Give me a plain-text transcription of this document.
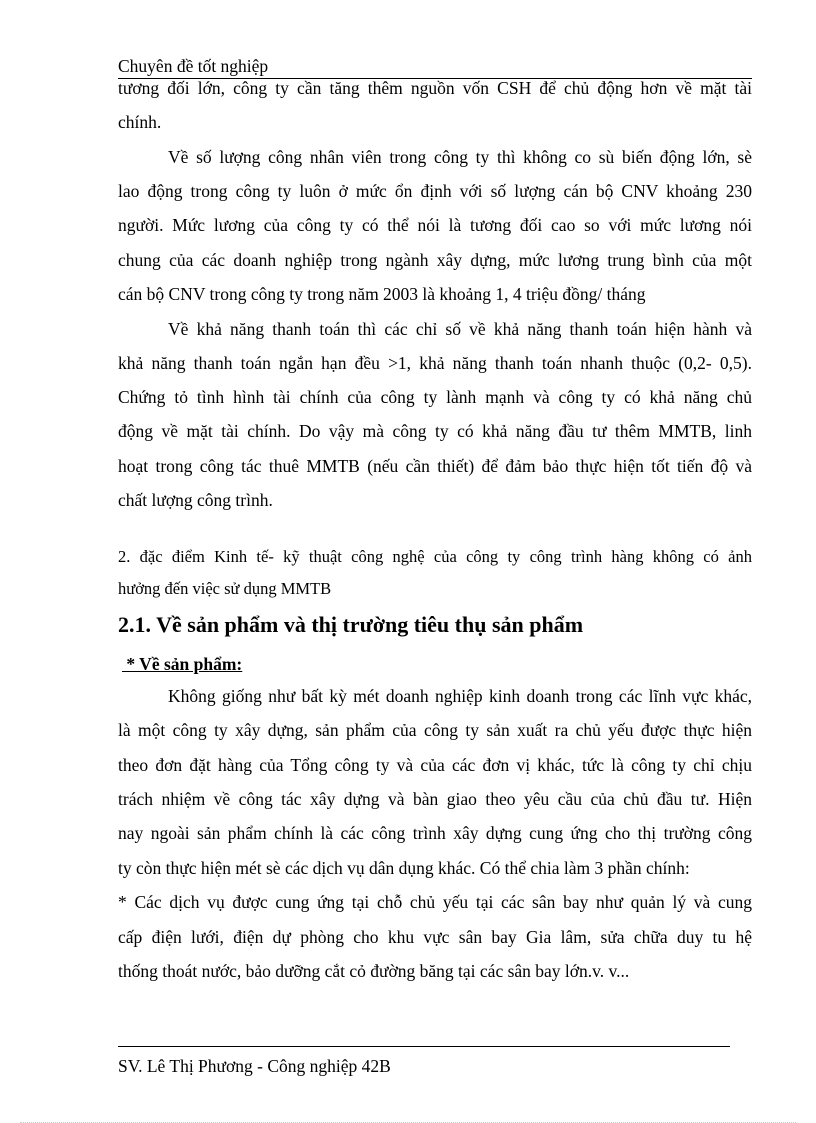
Chuyên đề tốt nghiệp
tương đối lớn, công ty cần tăng thêm nguồn vốn CSH để chủ động hơn về mặt tài
chính.
Về số lượng công nhân viên trong công ty thì không co sù biến động lớn, sè
lao động trong công ty luôn ở mức ổn định với số lượng cán bộ CNV khoảng 230
người. Mức lương của công ty có thể nói là tương đối cao so với mức lương nói
chung của các doanh nghiệp trong ngành xây dựng, mức lương trung bình của một
cán bộ CNV trong công ty trong năm 2003 là khoảng 1, 4 triệu đồng/ tháng
Về khả năng thanh toán thì các chỉ số về khả năng thanh toán hiện hành và
khả năng thanh toán ngắn hạn đều >1, khả năng thanh toán nhanh thuộc (0,2- 0,5).
Chứng tỏ tình hình tài chính của công ty lành mạnh và công ty có khả năng chủ
động về mặt tài chính. Do vậy mà công ty có khả năng đầu tư thêm MMTB, linh
hoạt trong công tác thuê MMTB (nếu cần thiết) để đảm bảo thực hiện tốt tiến độ và
chất lượng công trình.
2. đặc điểm Kinh tế- kỹ thuật công nghệ của công ty công trình hàng không có ảnh
hưởng đến việc sử dụng MMTB
2.1. Về sản phẩm và thị trường tiêu thụ sản phẩm
* Về sản phẩm:
Không giống như bất kỳ mét doanh nghiệp kinh doanh trong các lĩnh vực khác,
là một công ty xây dựng, sản phẩm của công ty sản xuất ra chủ yếu được thực hiện
theo đơn đặt hàng của Tổng công ty và của các đơn vị khác, tức là công ty chỉ chịu
trách nhiệm về công tác xây dựng và bàn giao theo yêu cầu của chủ đầu tư. Hiện
nay ngoài sản phẩm chính là các công trình xây dựng cung ứng cho thị trường công
ty còn thực hiện mét sè các dịch vụ dân dụng khác. Có thể chia làm 3 phần chính:
* Các dịch vụ được cung ứng tại chỗ chủ yếu tại các sân bay như quản lý và cung
cấp điện lưới, điện dự phòng cho khu vực sân bay Gia lâm, sửa chữa duy tu hệ
thống thoát nước, bảo dưỡng cắt cỏ đường băng tại các sân bay lớn.v. v...
SV. Lê Thị Phương - Công nghiệp 42B
